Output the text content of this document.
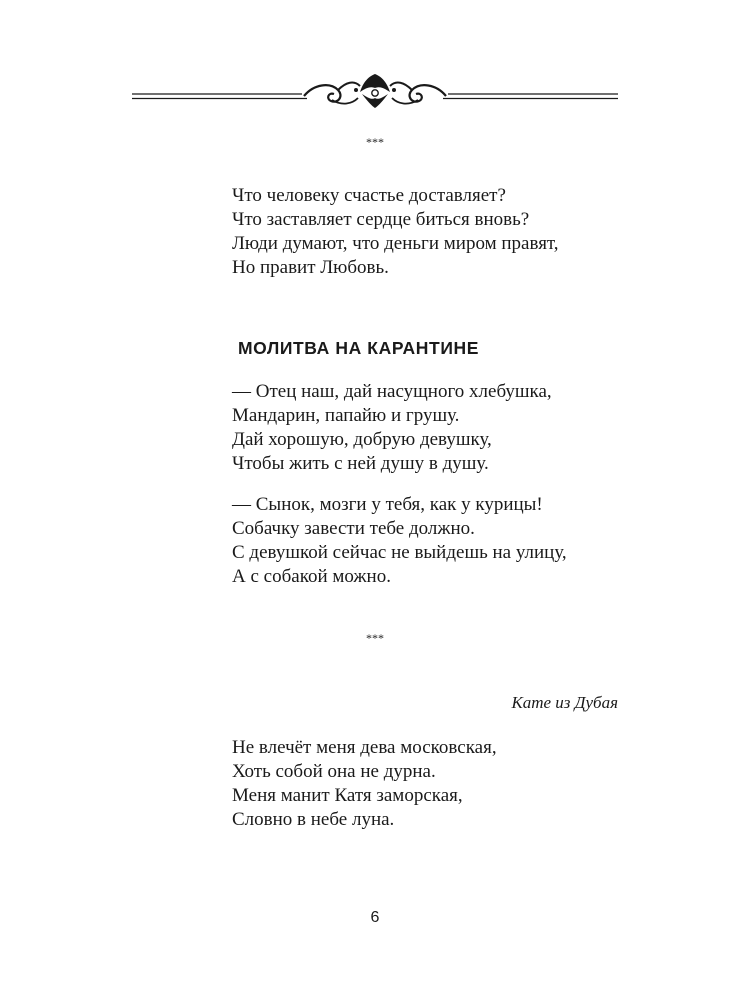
***
Что человеку счастье доставляет?
Что заставляет сердце биться вновь?
Люди думают, что деньги миром правят,
Но правит Любовь.
МОЛИТВА НА КАРАНТИНЕ
— Отец наш, дай насущного хлебушка,
Мандарин, папайю и грушу.
Дай хорошую, добрую девушку,
Чтобы жить с ней душу в душу.
— Сынок, мозги у тебя, как у курицы!
Собачку завести тебе должно.
С девушкой сейчас не выйдешь на улицу,
А с собакой можно.
***
Кате из Дубая
Не влечёт меня дева московская,
Хоть собой она не дурна.
Меня манит Катя заморская,
Словно в небе луна.
6
